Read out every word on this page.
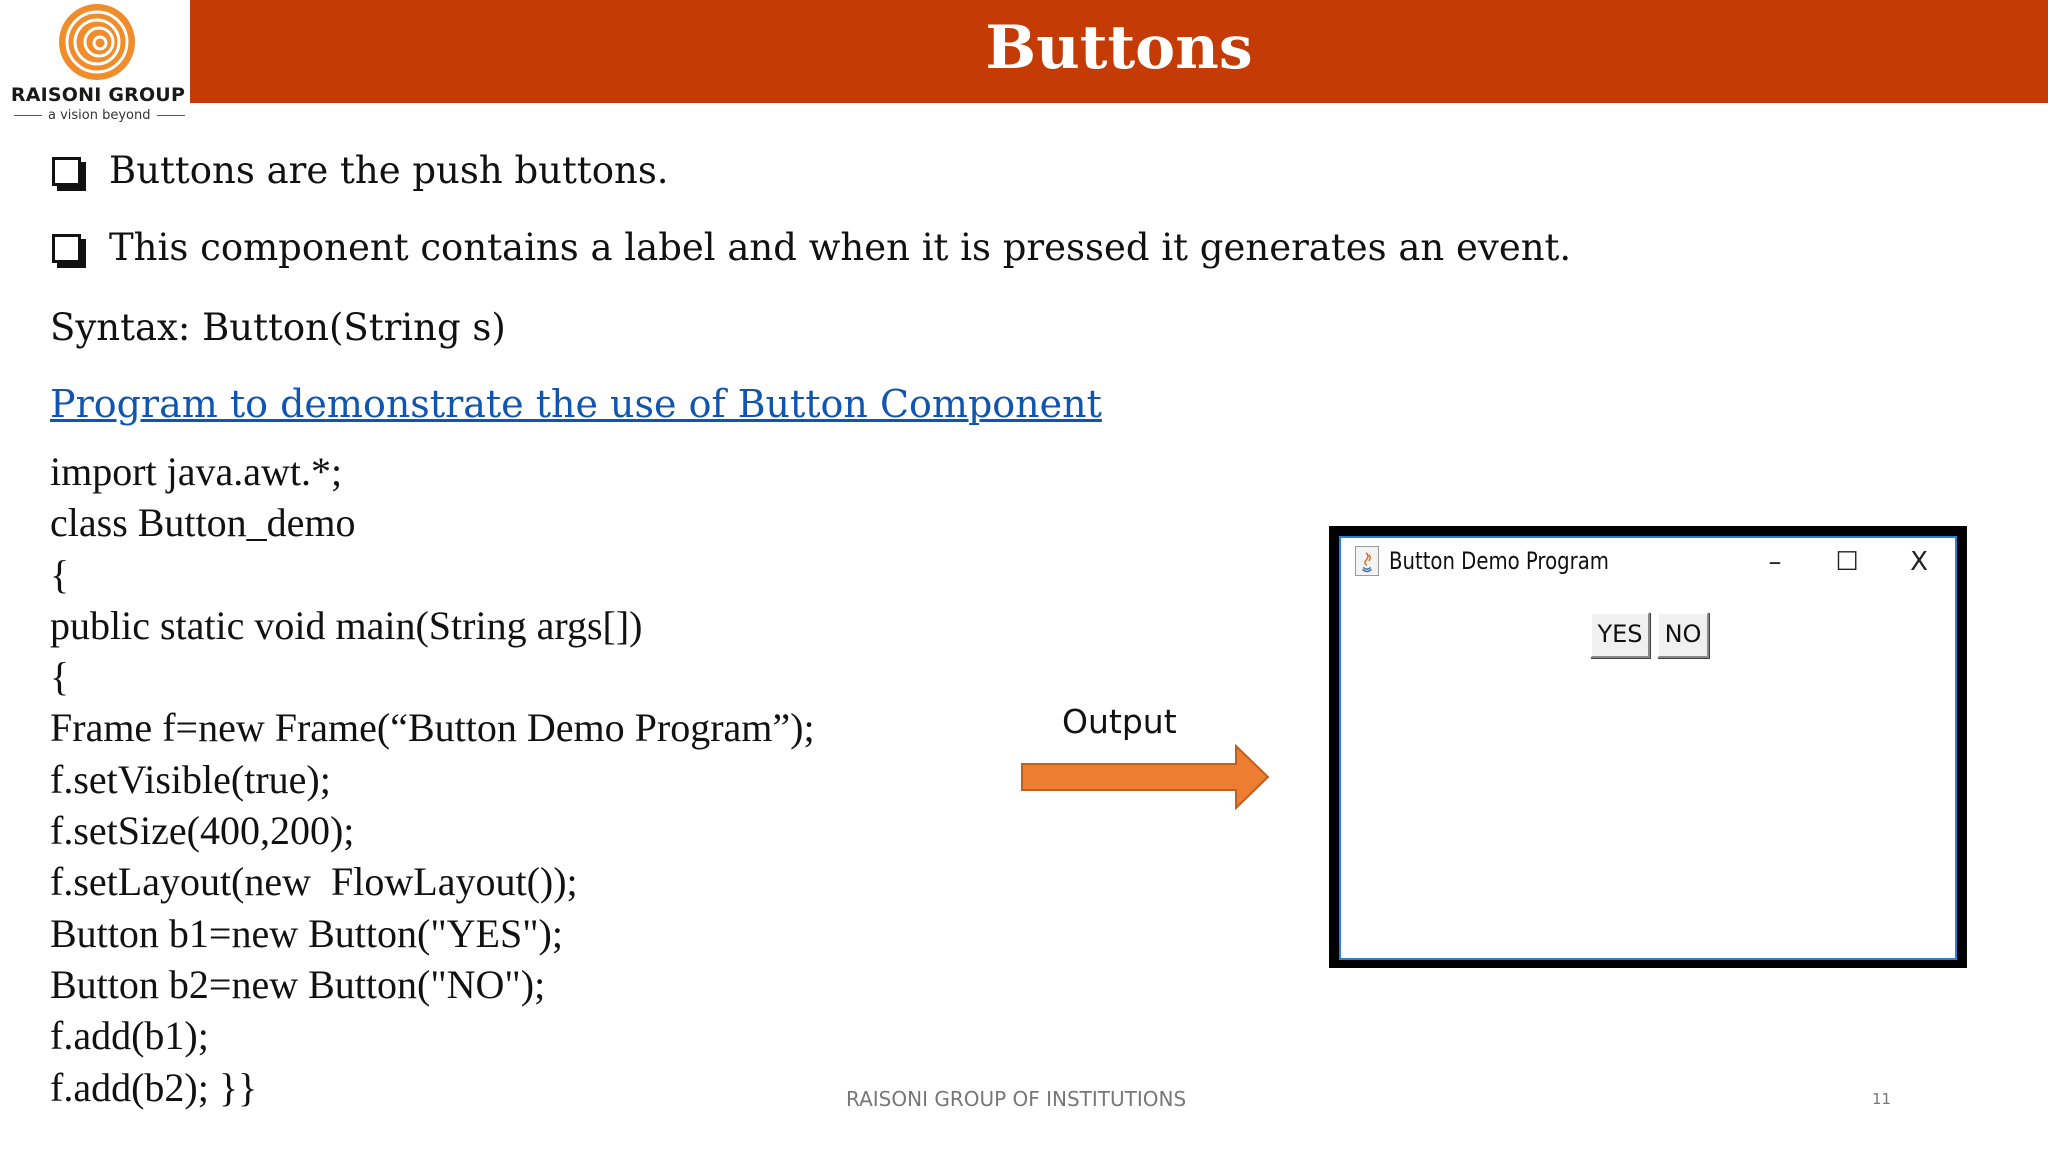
RAISONI GROUP
a vision beyond
Buttons
Buttons are the push buttons.
This component contains a label and when it is pressed it generates an event.
Syntax: Button(String s)
Program to demonstrate the use of Button Component
import java.awt.*;
class Button_demo
{
public static void main(String args[])
{
Frame f=new Frame(“Button Demo Program”);
f.setVisible(true);
f.setSize(400,200);
f.setLayout(new  FlowLayout());
Button b1=new Button("YES");
Button b2=new Button("NO");
f.add(b1);
f.add(b2); }}
Output
Button Demo Program	–	☐	X
YES NO
RAISONI GROUP OF INSTITUTIONS	11
